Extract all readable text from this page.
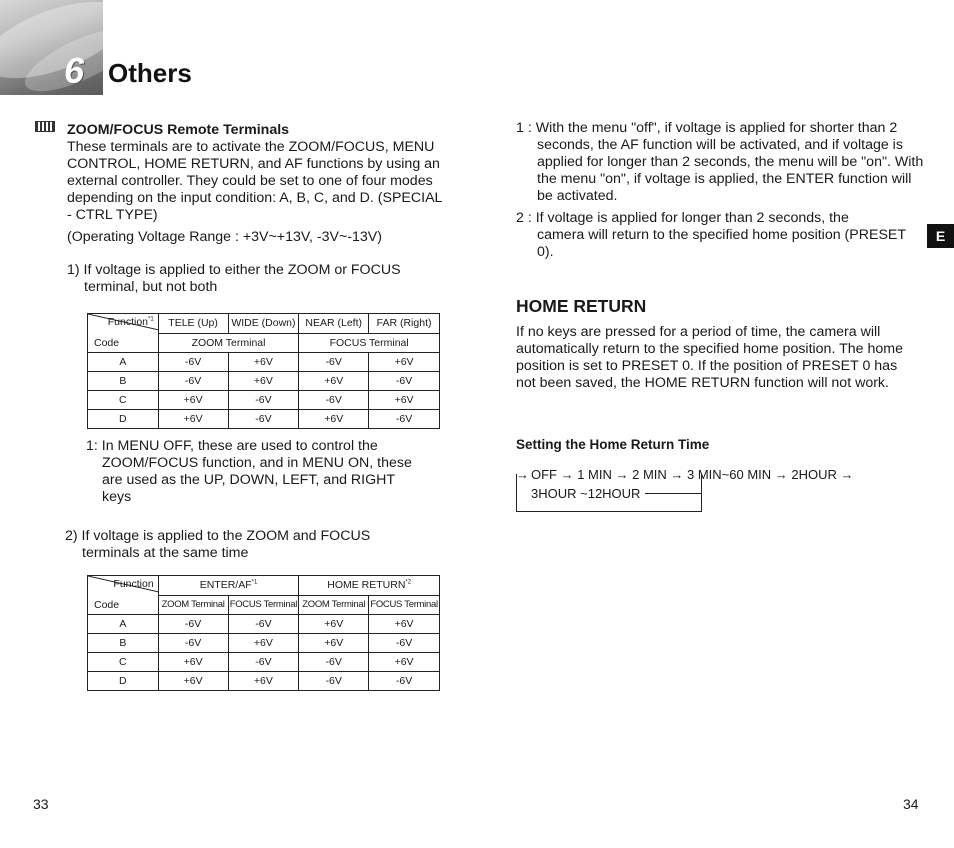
6 Others
ZOOM/FOCUS Remote Terminals
These terminals are to activate the ZOOM/FOCUS, MENU CONTROL, HOME RETURN, and AF functions by using an external controller. They could be set to one of four modes depending on the input condition: A, B, C, and D. (SPECIAL - CTRL TYPE)
(Operating Voltage Range : +3V~+13V, -3V~-13V)
1) If voltage is applied to either the ZOOM or FOCUS
terminal, but not both
Function$^{*1}$
Code	TELE (Up)	WIDE (Down)	NEAR (Left)	FAR (Right)
	ZOOM Terminal		FOCUS Terminal	
A	-6V	+6V	-6V	+6V
B	-6V	+6V	+6V	-6V
C	+6V	-6V	-6V	+6V
D	+6V	-6V	+6V	-6V
1: In MENU OFF, these are used to control the
ZOOM/FOCUS function, and in MENU ON, these
are used as the UP, DOWN, LEFT, and RIGHT
keys
2) If voltage is applied to the ZOOM and FOCUS
terminals at the same time
Function
Code	ENTER/AF$^{*1}$		HOME RETURN$^{*2}$
	ZOOM Terminal	FOCUS Terminal	ZOOM Terminal	FOCUS Terminal
A	-6V	-6V	+6V	+6V
B	-6V	+6V	+6V	-6V
C	+6V	-6V	-6V	+6V
D	+6V	+6V	-6V	-6V
33
1 : With the menu "off", if voltage is applied for shorter than 2
seconds, the AF function will be activated, and if voltage is applied for longer than 2 seconds, the menu will be "on". With the menu "on", if voltage is applied, the ENTER function will be activated.
2 : If voltage is applied for longer than 2 seconds, the
camera will return to the specified home position (PRESET 0).
E
HOME RETURN
If no keys are pressed for a period of time, the camera will automatically return to the specified home position. The home position is set to PRESET 0. If the position of PRESET 0 has not been saved, the HOME RETURN function will not work.
Setting the Home Return Time
→ OFF → 1 MIN → 2 MIN → 3 MIN~60 MIN → 2HOUR →
3HOUR ~12HOUR
34
